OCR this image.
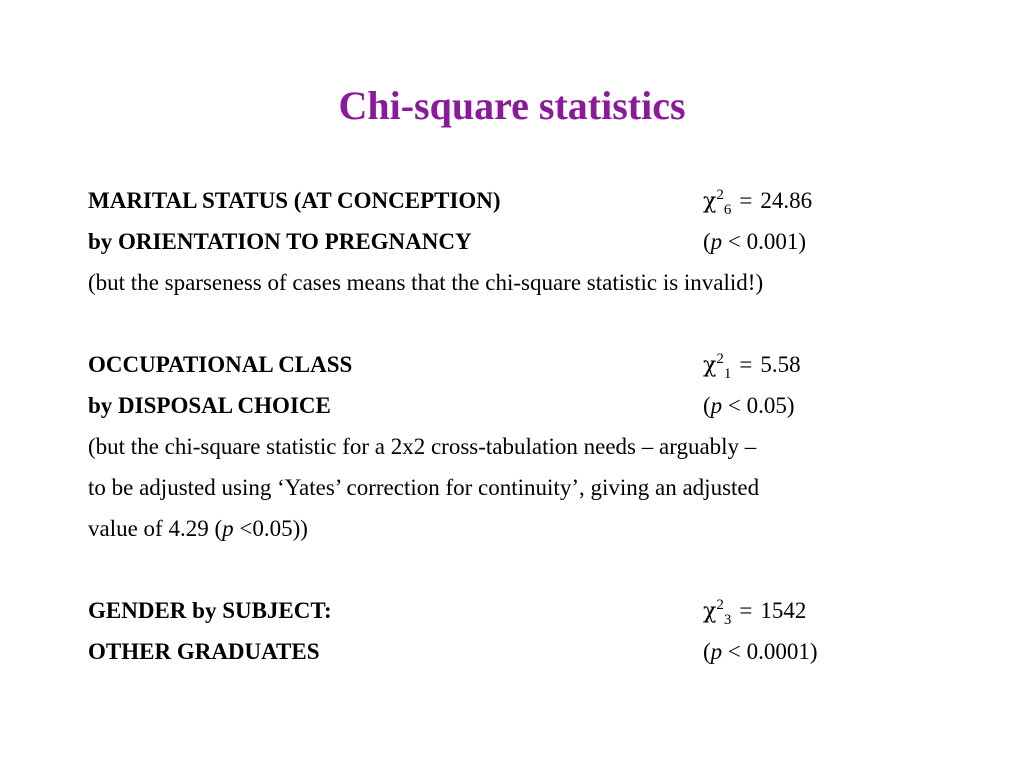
Chi-square statistics
MARITAL STATUS (AT CONCEPTION)	$\chi^2_6 = 24.86$
by ORIENTATION TO PREGNANCY	(p < 0.001)
(but the sparseness of cases means that the chi-square statistic is invalid!)
OCCUPATIONAL CLASS	$\chi^2_1 = 5.58$
by DISPOSAL CHOICE	(p < 0.05)
(but the chi-square statistic for a 2x2 cross-tabulation needs – arguably –
to be adjusted using ‘Yates’ correction for continuity’, giving an adjusted
value of 4.29 (p <0.05))
GENDER by SUBJECT:	$\chi^2_3 = 1542$
OTHER GRADUATES	(p < 0.0001)
